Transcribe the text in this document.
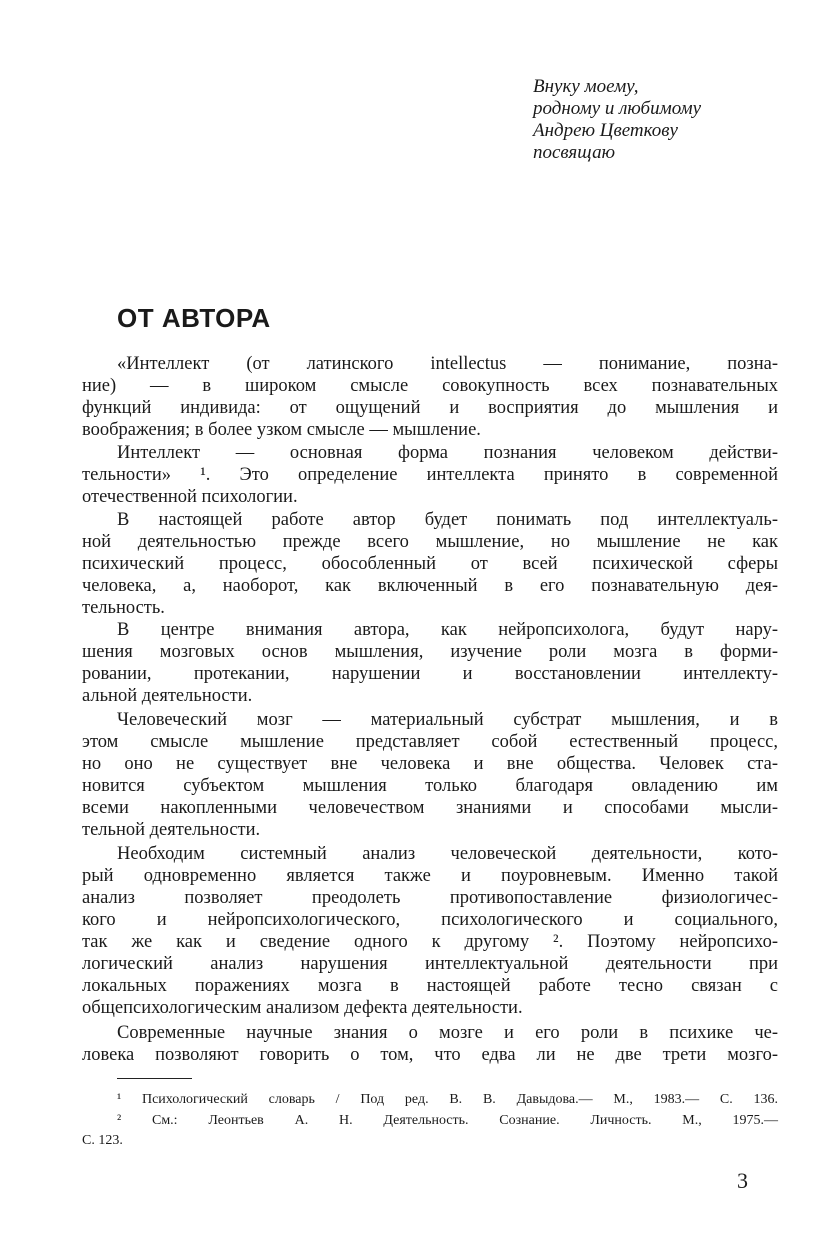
Внуку моему,
родному и любимому
Андрею Цветкову
посвящаю
ОТ АВТОРА
«Интеллект (от латинского intellectus — понимание, позна-
ние) — в широком смысле совокупность всех познавательных
функций индивида: от ощущений и восприятия до мышления и
воображения; в более узком смысле — мышление.
Интеллект — основная форма познания человеком действи-
тельности» ¹. Это определение интеллекта принято в современной
отечественной психологии.
В настоящей работе автор будет понимать под интеллектуаль-
ной деятельностью прежде всего мышление, но мышление не как
психический процесс, обособленный от всей психической сферы
человека, а, наоборот, как включенный в его познавательную дея-
тельность.
В центре внимания автора, как нейропсихолога, будут нару-
шения мозговых основ мышления, изучение роли мозга в форми-
ровании, протекании, нарушении и восстановлении интеллекту-
альной деятельности.
Человеческий мозг — материальный субстрат мышления, и в
этом смысле мышление представляет собой естественный процесс,
но оно не существует вне человека и вне общества. Человек ста-
новится субъектом мышления только благодаря овладению им
всеми накопленными человечеством знаниями и способами мысли-
тельной деятельности.
Необходим системный анализ человеческой деятельности, кото-
рый одновременно является также и поуровневым. Именно такой
анализ позволяет преодолеть противопоставление физиологичес-
кого и нейропсихологического, психологического и социального,
так же как и сведение одного к другому ². Поэтому нейропсихо-
логический анализ нарушения интеллектуальной деятельности при
локальных поражениях мозга в настоящей работе тесно связан с
общепсихологическим анализом дефекта деятельности.
Современные научные знания о мозге и его роли в психике че-
ловека позволяют говорить о том, что едва ли не две трети мозго-
¹ Психологический словарь / Под ред. В. В. Давыдова.— М., 1983.— С. 136.
² См.: Леонтьев А. Н. Деятельность. Сознание. Личность. М., 1975.—
С. 123.
3
